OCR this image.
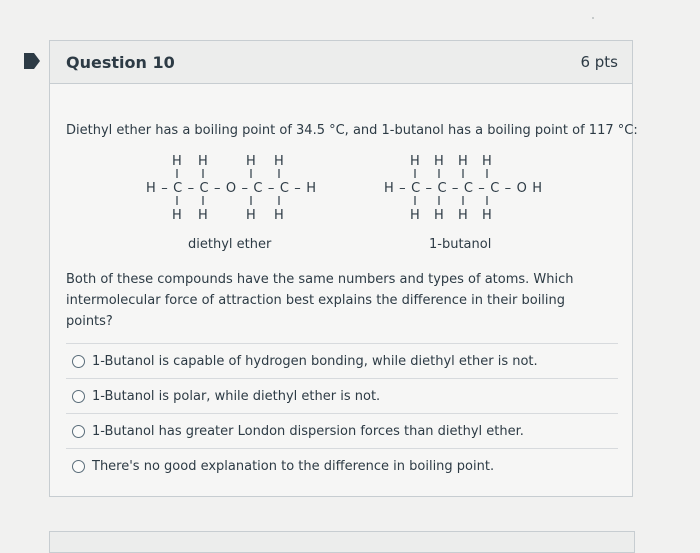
Question 10	6 pts
Diethyl ether has a boiling point of 34.5 °C, and 1-butanol has a boiling point of 117 °C:
H H	H H
H–C–C–O–C–C–H
H H	H H
H H H H
H–C–C–C–C–OH
H H H H
diethyl ether	1-butanol
Both of these compounds have the same numbers and types of atoms. Which intermolecular force of attraction best explains the difference in their boiling points?
1-Butanol is capable of hydrogen bonding, while diethyl ether is not.
1-Butanol is polar, while diethyl ether is not.
1-Butanol has greater London dispersion forces than diethyl ether.
There's no good explanation to the difference in boiling point.
